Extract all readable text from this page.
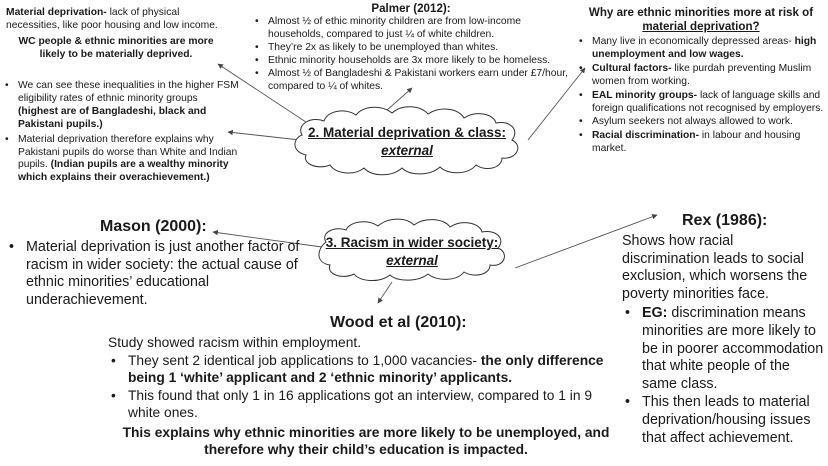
Material deprivation- lack of physical necessities, like poor housing and low income.
WC people & ethnic minorities are more likely to be materially deprived.
• We can see these inequalities in the higher FSM eligibility rates of ethnic minority groups (highest are of Bangladeshi, black and Pakistani pupils.)
• Material deprivation therefore explains why Pakistani pupils do worse than White and Indian pupils. (Indian pupils are a wealthy minority which explains their overachievement.)
Palmer (2012):
• Almost ½ of ethic minority children are from low-income households, compared to just ¼ of white children.
• They’re 2x as likely to be unemployed than whites.
• Ethnic minority households are 3x more likely to be homeless.
• Almost ½ of Bangladeshi & Pakistani workers earn under £7/hour, compared to ¼ of whites.
Why are ethnic minorities more at risk of
material deprivation?
• Many live in economically depressed areas- high unemployment and low wages.
• Cultural factors- like purdah preventing Muslim women from working.
• EAL minority groups- lack of language skills and foreign qualifications not recognised by employers.
• Asylum seekers not always allowed to work.
• Racial discrimination- in labour and housing market.
2. Material deprivation & class:
external
3. Racism in wider society:
external
Mason (2000):
• Material deprivation is just another factor of racism in wider society: the actual cause of ethnic minorities’ educational underachievement.
Rex (1986):
Shows how racial discrimination leads to social exclusion, which worsens the poverty minorities face.
• EG: discrimination means minorities are more likely to be in poorer accommodation that white people of the same class.
• This then leads to material deprivation/housing issues that affect achievement.
Wood et al (2010):
Study showed racism within employment.
• They sent 2 identical job applications to 1,000 vacancies- the only difference being 1 ‘white’ applicant and 2 ‘ethnic minority’ applicants.
• This found that only 1 in 16 applications got an interview, compared to 1 in 9 white ones.
This explains why ethnic minorities are more likely to be unemployed, and
therefore why their child’s education is impacted.
